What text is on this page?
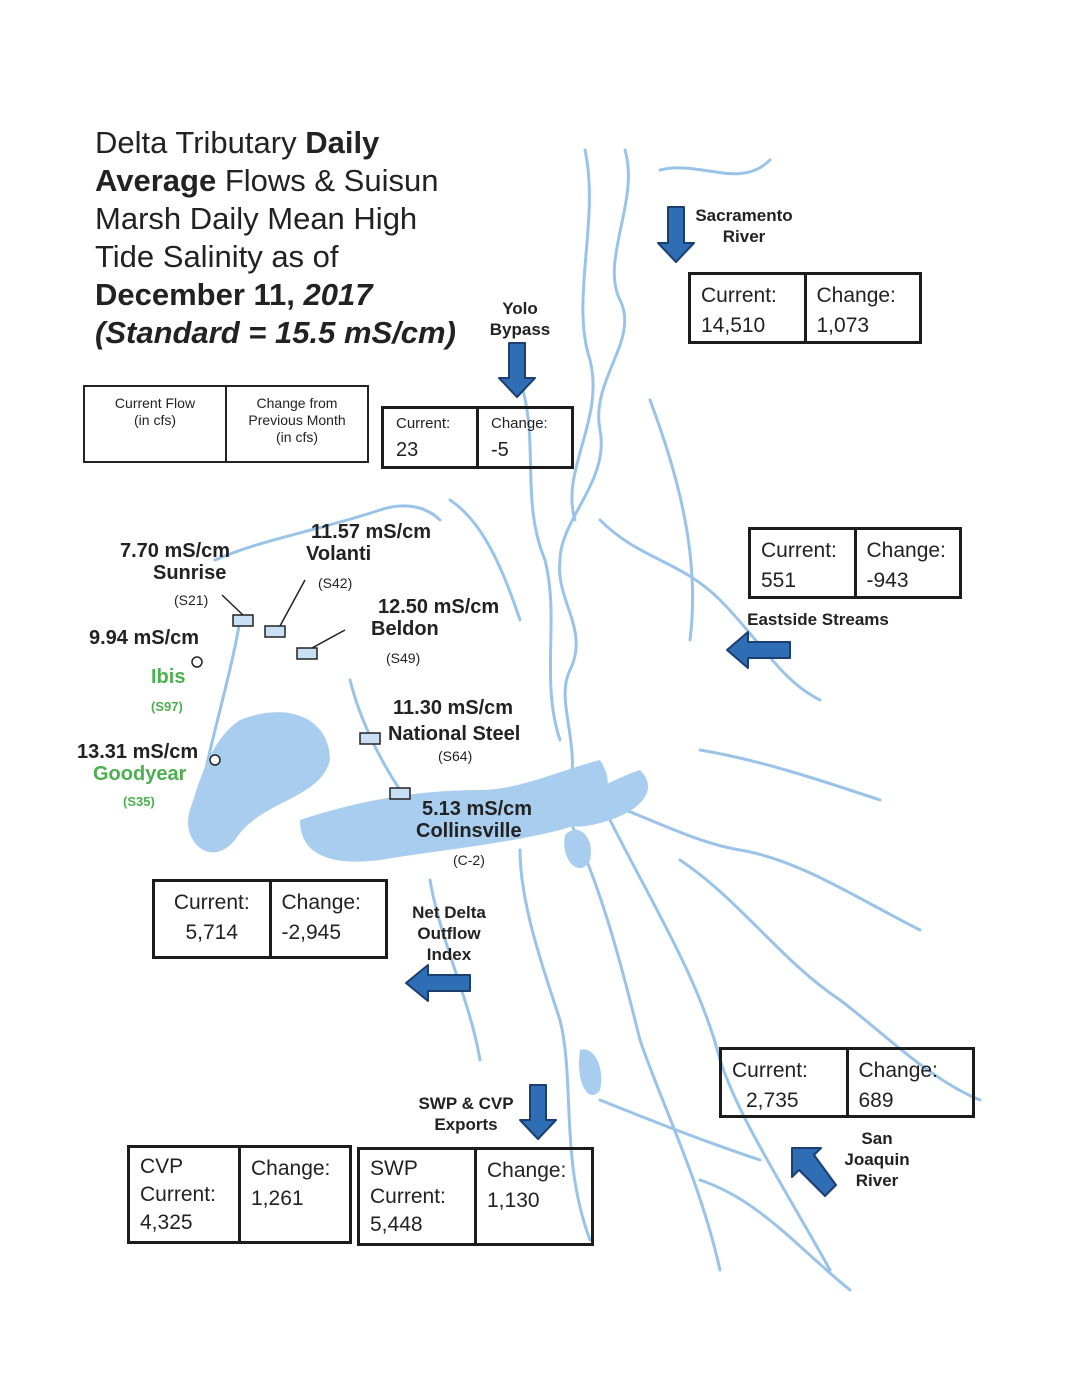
Delta Tributary Daily
Average Flows & Suisun
Marsh Daily Mean High
Tide Salinity as of
December 11, 2017
(Standard = 15.5 mS/cm)
Current Flow
(in cfs)
Change from
Previous Month
(in cfs)
Sacramento
River
Current:
14,510
Change:
1,073
Yolo
Bypass
Current:
23
Change:
-5
Current:
551
Change:
-943
Eastside Streams
7.70 mS/cm
Sunrise
(S21)
11.57 mS/cm
Volanti
(S42)
12.50 mS/cm
Beldon
(S49)
9.94 mS/cm
Ibis
(S97)
13.31 mS/cm
Goodyear
(S35)
11.30 mS/cm
National Steel
(S64)
5.13 mS/cm
Collinsville
(C-2)
Current:
5,714
Change:
-2,945
Net Delta
Outflow
Index
Current:
2,735
Change:
689
San
Joaquin
River
SWP & CVP
Exports
CVP
Current:
4,325
Change:
1,261
SWP
Current:
5,448
Change:
1,130
